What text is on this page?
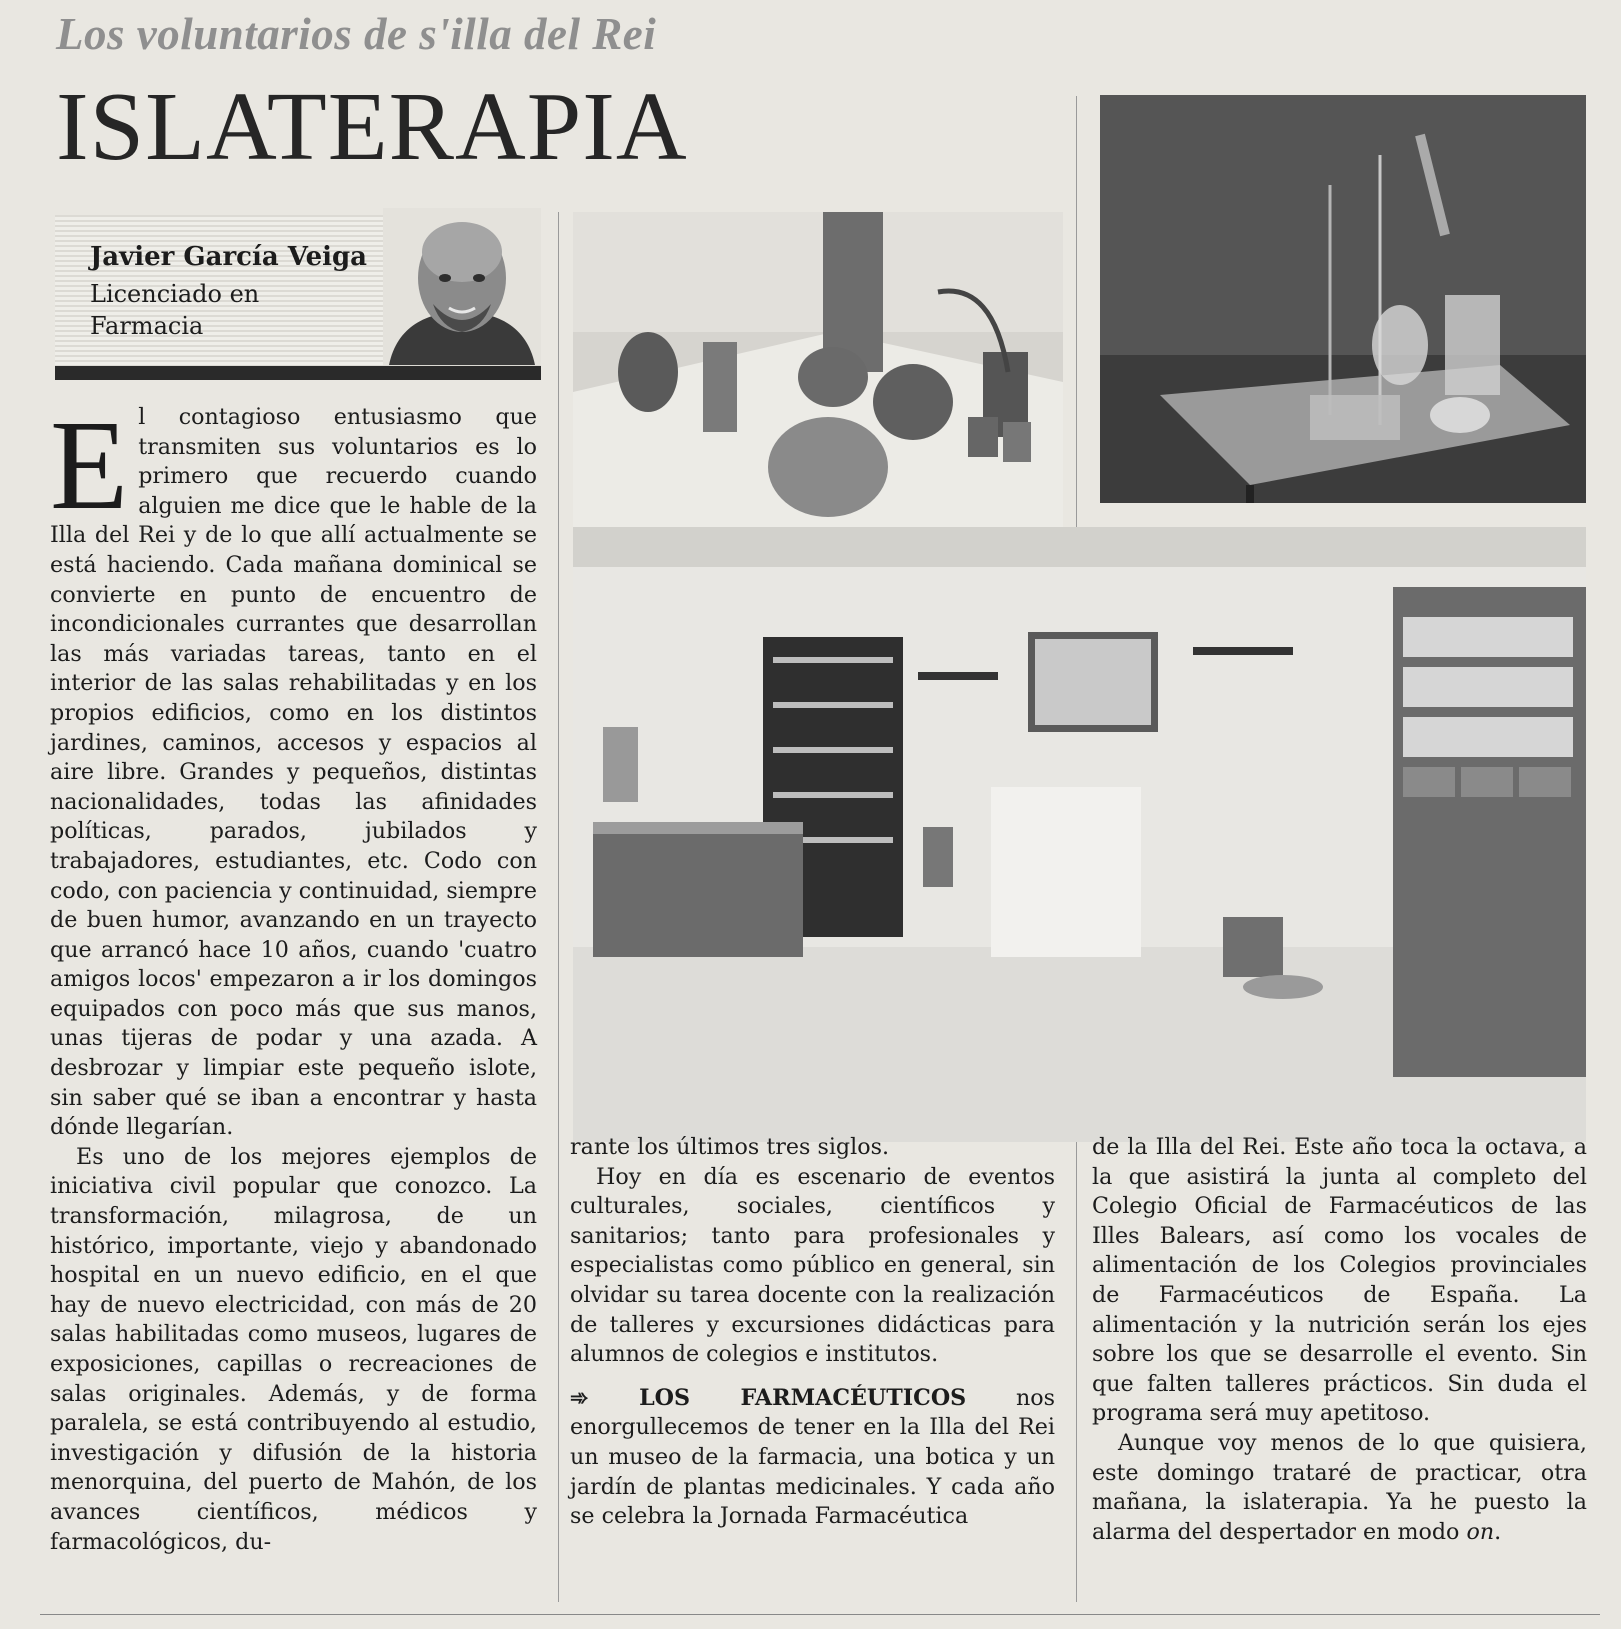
Los voluntarios de s'illa del Rei
ISLATERAPIA
Javier García Veiga
Licenciado en Farmacia

El contagioso entusiasmo que transmiten sus voluntarios es lo primero que recuerdo cuando alguien me dice que le hable de la Illa del Rei y de lo que allí actualmente se está haciendo. Cada mañana dominical se convierte en punto de encuentro de incondicionales currantes que desarrollan las más variadas tareas, tanto en el interior de las salas rehabilitadas y en los propios edificios, como en los distintos jardines, caminos, accesos y espacios al aire libre. Grandes y pequeños, distintas nacionalidades, todas las afinidades políticas, parados, jubilados y trabajadores, estudiantes, etc. Codo con codo, con paciencia y continuidad, siempre de buen humor, avanzando en un trayecto que arrancó hace 10 años, cuando 'cuatro amigos locos' empezaron a ir los domingos equipados con poco más que sus manos, unas tijeras de podar y una azada. A desbrozar y limpiar este pequeño islote, sin saber qué se iban a encontrar y hasta dónde llegarían.

Es uno de los mejores ejemplos de iniciativa civil popular que conozco. La transformación, milagrosa, de un histórico, importante, viejo y abandonado hospital en un nuevo edificio, en el que hay de nuevo electricidad, con más de 20 salas habilitadas como museos, lugares de exposiciones, capillas o recreaciones de salas originales. Además, y de forma paralela, se está contribuyendo al estudio, investigación y difusión de la historia menorquina, del puerto de Mahón, de los avances científicos, médicos y farmacológicos, du-

rante los últimos tres siglos.

Hoy en día es escenario de eventos culturales, sociales, científicos y sanitarios; tanto para profesionales y especialistas como público en general, sin olvidar su tarea docente con la realización de talleres y excursiones didácticas para alumnos de colegios e institutos.

➾ LOS FARMACÉUTICOS nos enorgullecemos de tener en la Illa del Rei un museo de la farmacia, una botica y un jardín de plantas medicinales. Y cada año se celebra la Jornada Farmacéutica

de la Illa del Rei. Este año toca la octava, a la que asistirá la junta al completo del Colegio Oficial de Farmacéuticos de las Illes Balears, así como los vocales de alimentación de los Colegios provinciales de Farmacéuticos de España. La alimentación y la nutrición serán los ejes sobre los que se desarrolle el evento. Sin que falten talleres prácticos. Sin duda el programa será muy apetitoso.

Aunque voy menos de lo que quisiera, este domingo trataré de practicar, otra mañana, la islaterapia. Ya he puesto la alarma del despertador en modo on.
